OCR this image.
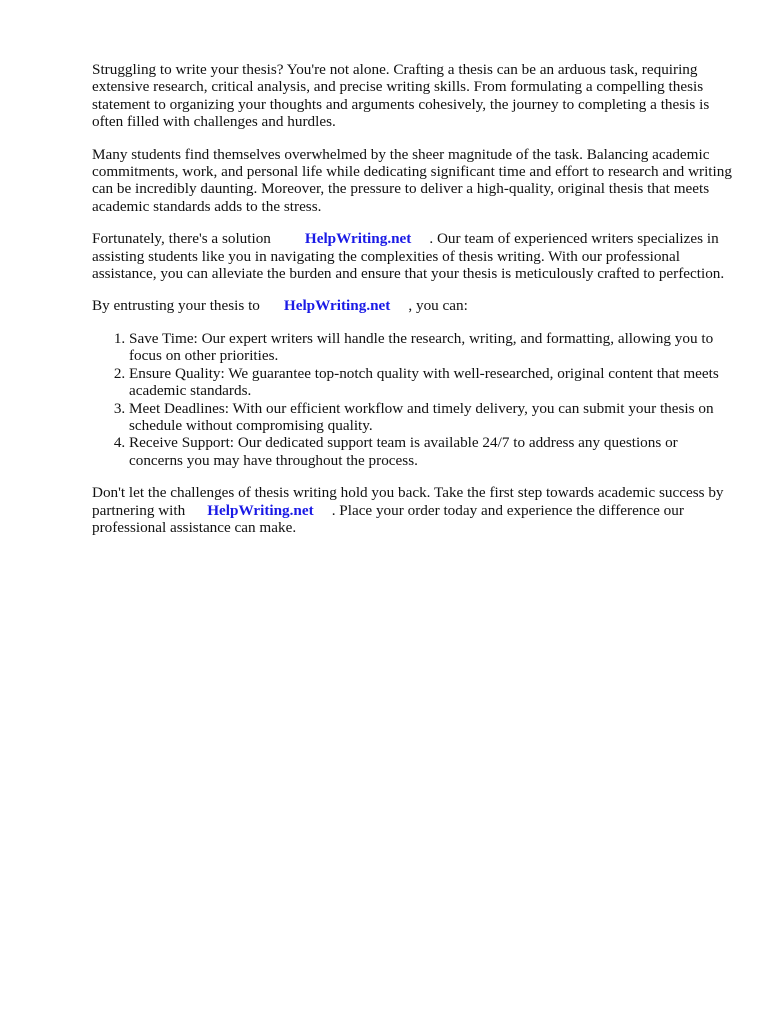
Struggling to write your thesis? You're not alone. Crafting a thesis can be an arduous task, requiring extensive research, critical analysis, and precise writing skills. From formulating a compelling thesis statement to organizing your thoughts and arguments cohesively, the journey to completing a thesis is often filled with challenges and hurdles.

Many students find themselves overwhelmed by the sheer magnitude of the task. Balancing academic commitments, work, and personal life while dedicating significant time and effort to research and writing can be incredibly daunting. Moreover, the pressure to deliver a high-quality, original thesis that meets academic standards adds to the stress.

Fortunately, there's a solution HelpWriting.net . Our team of experienced writers specializes in assisting students like you in navigating the complexities of thesis writing. With our professional assistance, you can alleviate the burden and ensure that your thesis is meticulously crafted to perfection.

By entrusting your thesis to HelpWriting.net , you can:

1. Save Time: Our expert writers will handle the research, writing, and formatting, allowing you to focus on other priorities.
2. Ensure Quality: We guarantee top-notch quality with well-researched, original content that meets academic standards.
3. Meet Deadlines: With our efficient workflow and timely delivery, you can submit your thesis on schedule without compromising quality.
4. Receive Support: Our dedicated support team is available 24/7 to address any questions or concerns you may have throughout the process.

Don't let the challenges of thesis writing hold you back. Take the first step towards academic success by partnering with HelpWriting.net . Place your order today and experience the difference our professional assistance can make.
